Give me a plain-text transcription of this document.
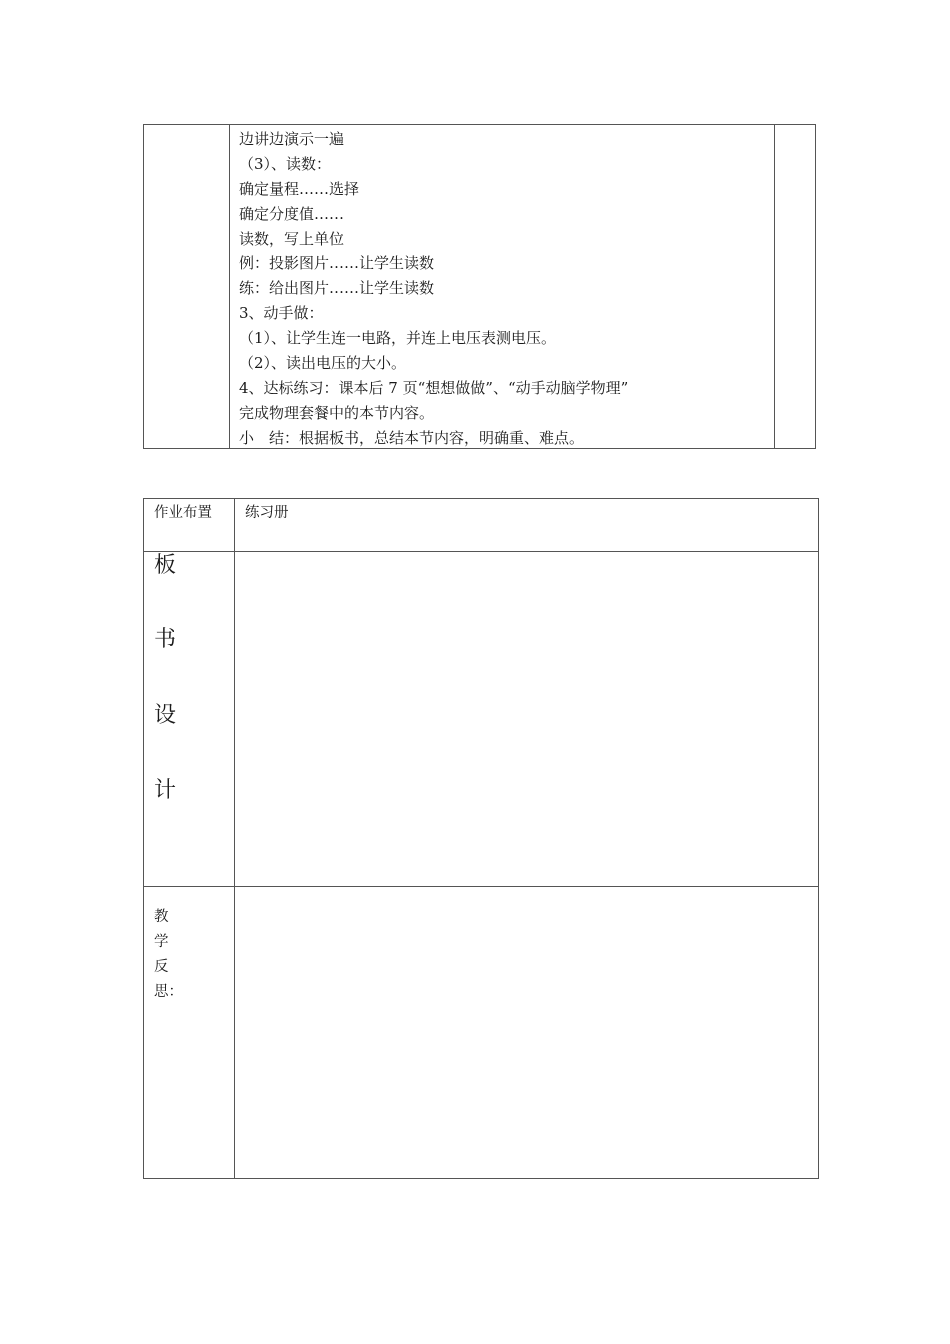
边讲边演示一遍
（3）、读数：
确定量程……选择
确定分度值……
读数，写上单位
例：投影图片……让学生读数
练：给出图片……让学生读数
3、动手做：
（1）、让学生连一电路，并连上电压表测电压。
（2）、读出电压的大小。
4、达标练习：课本后 7 页“想想做做”、“动手动脑学物理”
完成物理套餐中的本节内容。
小　结：根据板书，总结本节内容，明确重、难点。
作业布置 练习册
板
书
设
计
教
学
反
思：
